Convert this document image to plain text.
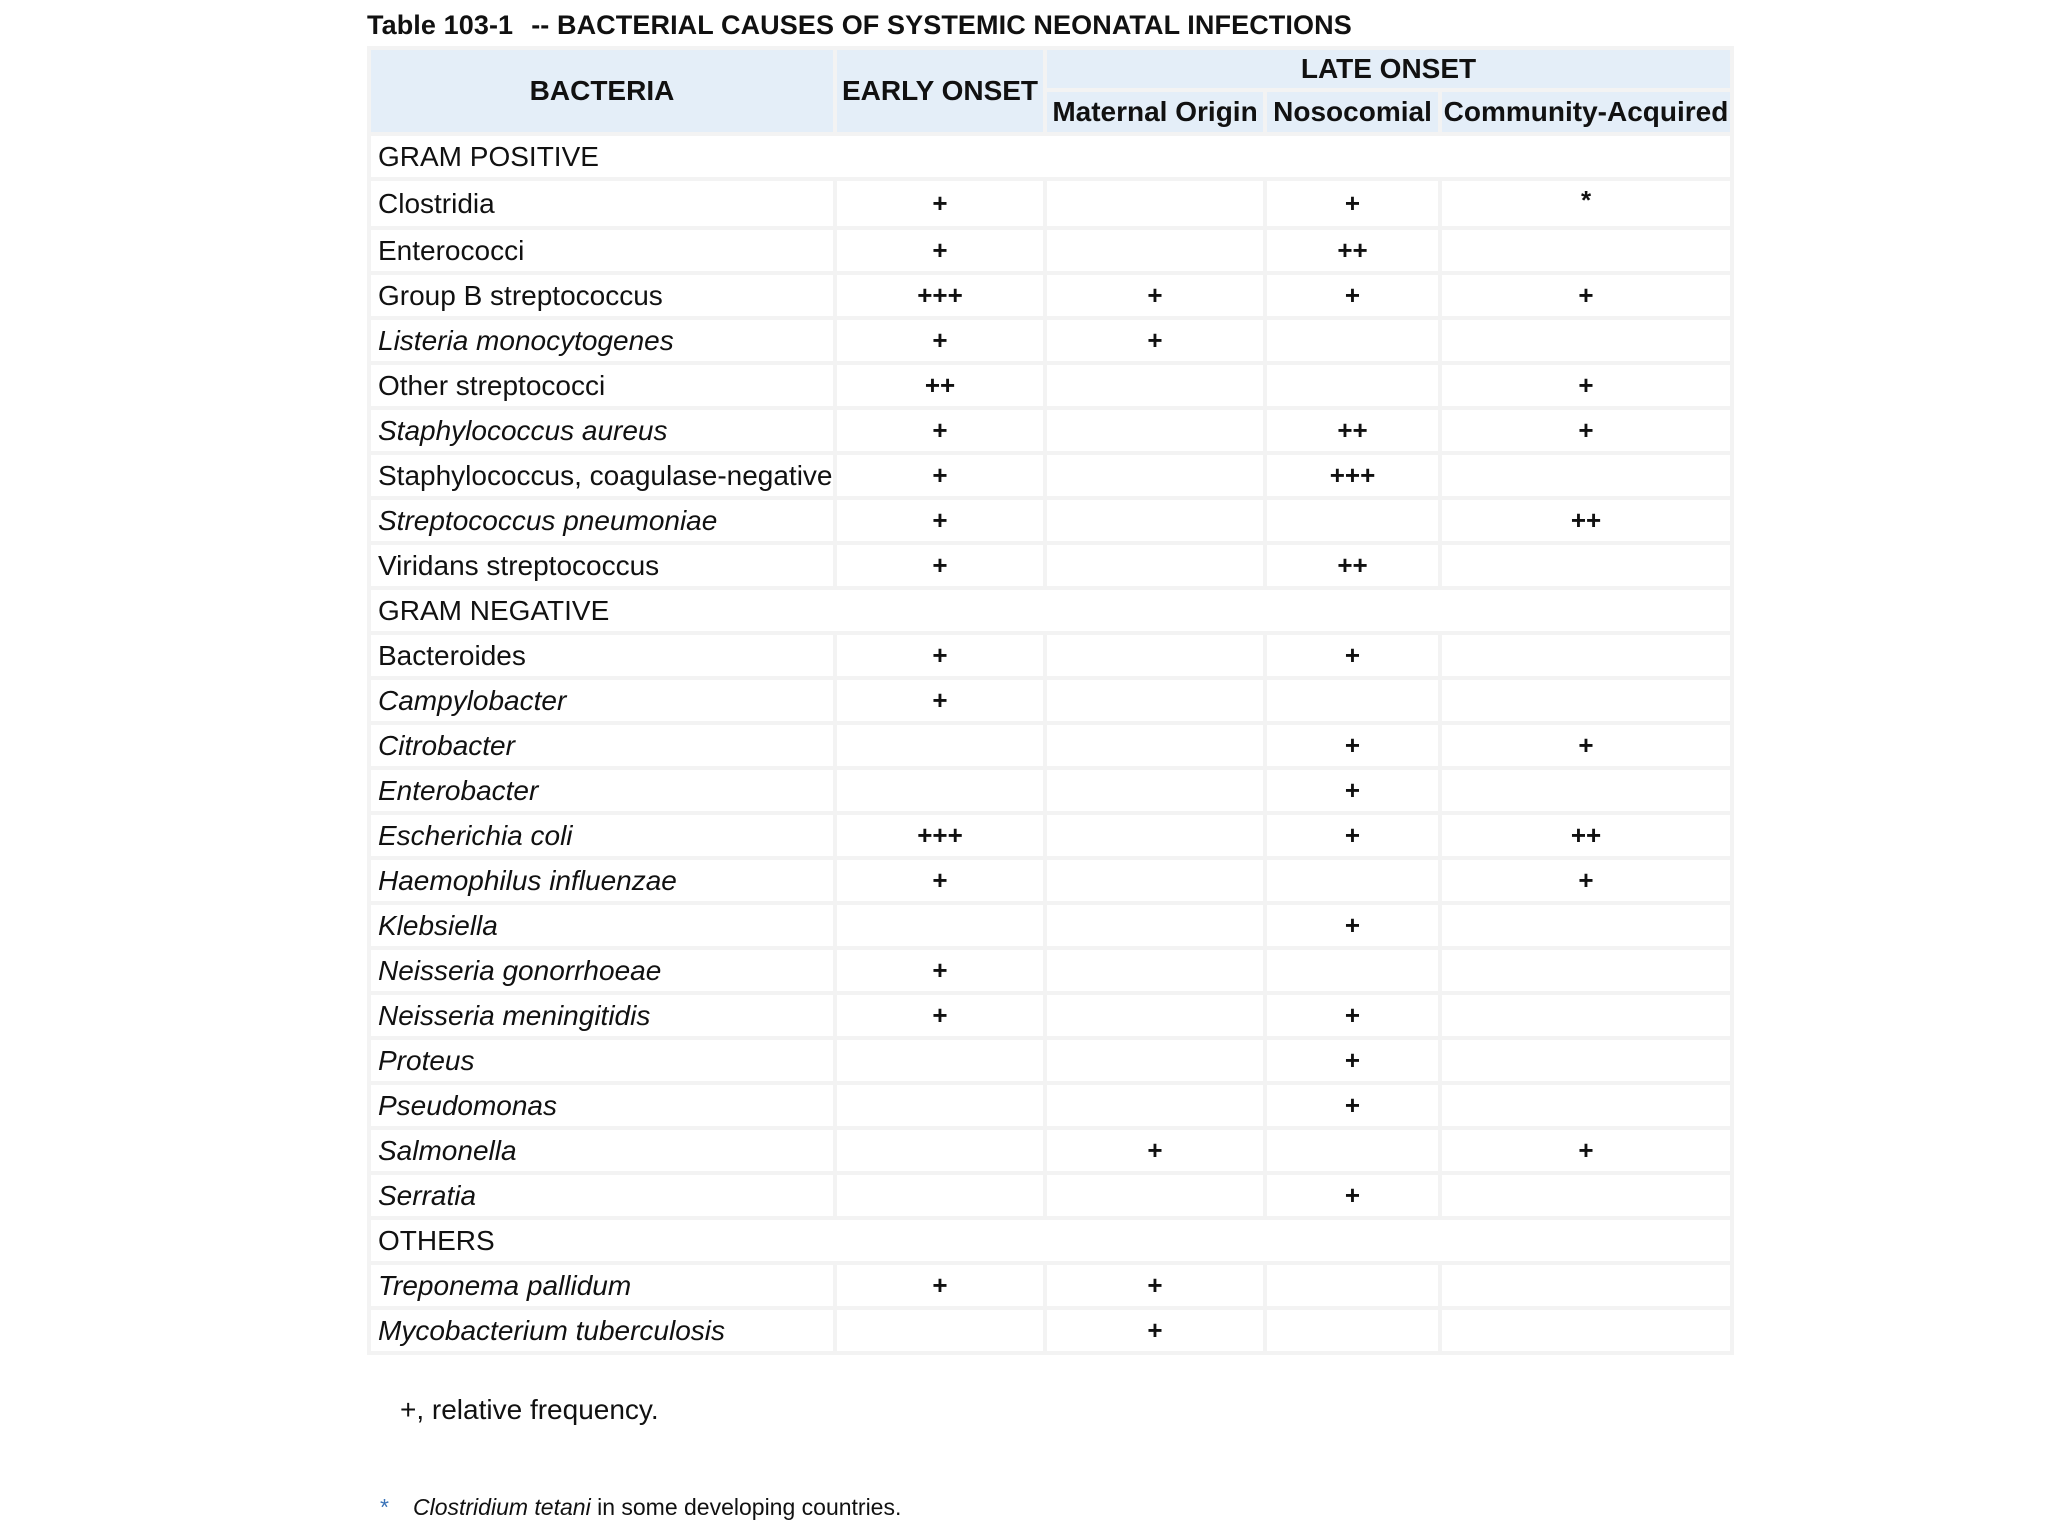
Table 103-1 -- BACTERIAL CAUSES OF SYSTEMIC NEONATAL INFECTIONS
BACTERIA	EARLY ONSET	LATE ONSET		
		Maternal Origin	Nosocomial	Community-Acquired
GRAM POSITIVE				
Clostridia	+		+	*
Enterococci	+		++	
Group B streptococcus	+++	+	+	+
Listeria monocytogenes	+	+		
Other streptococci	++			+
Staphylococcus aureus	+		++	+
Staphylococcus, coagulase-negative	+		+++	
Streptococcus pneumoniae	+			++
Viridans streptococcus	+		++	
GRAM NEGATIVE				
Bacteroides	+		+	
Campylobacter	+			
Citrobacter			+	+
Enterobacter			+	
Escherichia coli	+++		+	++
Haemophilus influenzae	+			+
Klebsiella			+	
Neisseria gonorrhoeae	+			
Neisseria meningitidis	+		+	
Proteus			+	
Pseudomonas			+	
Salmonella		+		+
Serratia			+	
OTHERS				
Treponema pallidum	+	+		
Mycobacterium tuberculosis		+		
+, relative frequency.
* Clostridium tetani in some developing countries.
